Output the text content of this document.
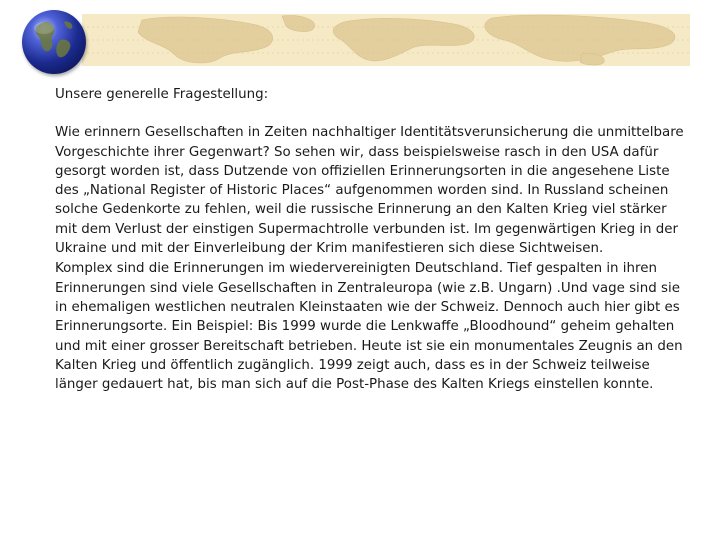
Unsere generelle Fragestellung:

Wie erinnern Gesellschaften in Zeiten nachhaltiger Identitätsverunsicherung die unmittelbare Vorgeschichte ihrer Gegenwart? So sehen wir, dass beispielsweise rasch in den USA dafür gesorgt worden ist, dass Dutzende von offiziellen Erinnerungsorten in die angesehene Liste des „National Register of Historic Places“ aufgenommen worden sind. In Russland scheinen solche Gedenkorte zu fehlen, weil die russische Erinnerung an den Kalten Krieg viel stärker mit dem Verlust der einstigen Supermachtrolle verbunden ist. Im gegenwärtigen Krieg in der Ukraine und mit der Einverleibung der Krim manifestieren sich diese Sichtweisen.

Komplex sind die Erinnerungen im wiedervereinigten Deutschland. Tief gespalten in ihren Erinnerungen sind viele Gesellschaften in Zentraleuropa (wie z.B. Ungarn) .Und vage sind sie in ehemaligen westlichen neutralen Kleinstaaten wie der Schweiz. Dennoch auch hier gibt es Erinnerungsorte. Ein Beispiel: Bis 1999 wurde die Lenkwaffe „Bloodhound“ geheim gehalten und mit einer grosser Bereitschaft betrieben. Heute ist sie ein monumentales Zeugnis an den Kalten Krieg und öffentlich zugänglich. 1999 zeigt auch, dass es in der Schweiz teilweise länger gedauert hat, bis man sich auf die Post-Phase des Kalten Kriegs einstellen konnte.
